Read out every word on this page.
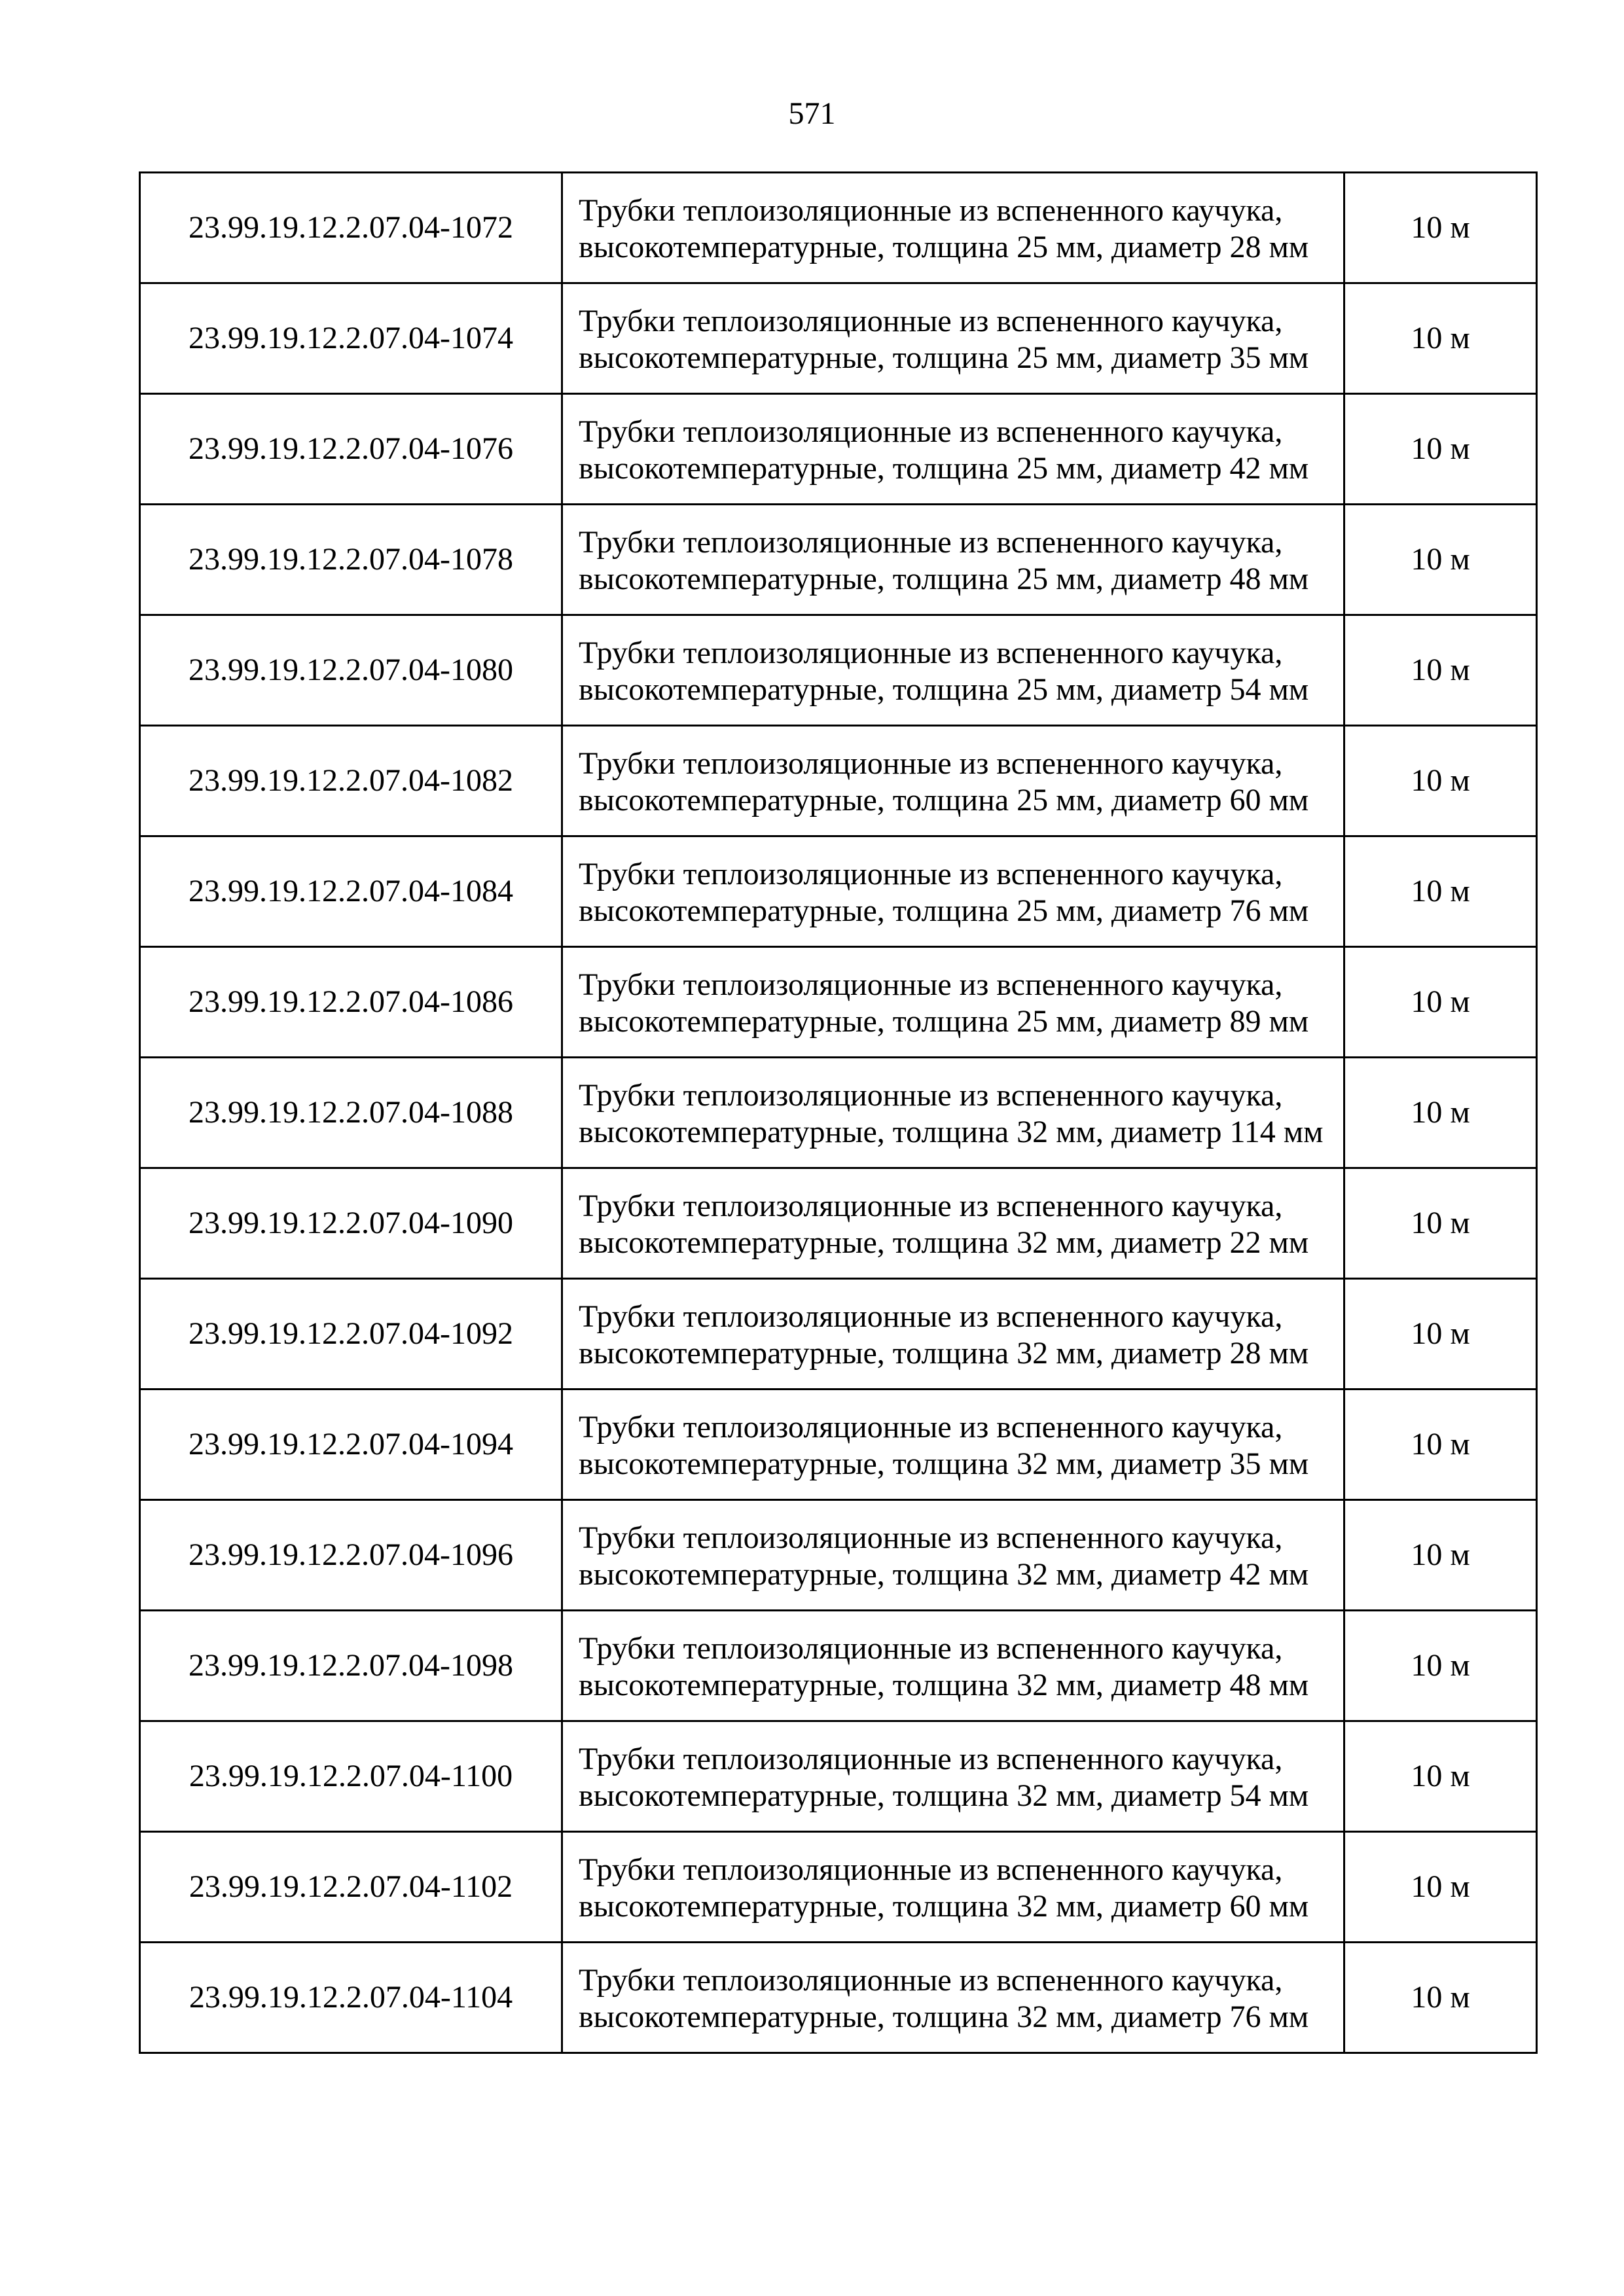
571
23.99.19.12.2.07.04-1072	Трубки теплоизоляционные из вспененного каучука, высокотемпературные, толщина 25 мм, диаметр 28 мм	10 м
23.99.19.12.2.07.04-1074	Трубки теплоизоляционные из вспененного каучука, высокотемпературные, толщина 25 мм, диаметр 35 мм	10 м
23.99.19.12.2.07.04-1076	Трубки теплоизоляционные из вспененного каучука, высокотемпературные, толщина 25 мм, диаметр 42 мм	10 м
23.99.19.12.2.07.04-1078	Трубки теплоизоляционные из вспененного каучука, высокотемпературные, толщина 25 мм, диаметр 48 мм	10 м
23.99.19.12.2.07.04-1080	Трубки теплоизоляционные из вспененного каучука, высокотемпературные, толщина 25 мм, диаметр 54 мм	10 м
23.99.19.12.2.07.04-1082	Трубки теплоизоляционные из вспененного каучука, высокотемпературные, толщина 25 мм, диаметр 60 мм	10 м
23.99.19.12.2.07.04-1084	Трубки теплоизоляционные из вспененного каучука, высокотемпературные, толщина 25 мм, диаметр 76 мм	10 м
23.99.19.12.2.07.04-1086	Трубки теплоизоляционные из вспененного каучука, высокотемпературные, толщина 25 мм, диаметр 89 мм	10 м
23.99.19.12.2.07.04-1088	Трубки теплоизоляционные из вспененного каучука, высокотемпературные, толщина 32 мм, диаметр 114 мм	10 м
23.99.19.12.2.07.04-1090	Трубки теплоизоляционные из вспененного каучука, высокотемпературные, толщина 32 мм, диаметр 22 мм	10 м
23.99.19.12.2.07.04-1092	Трубки теплоизоляционные из вспененного каучука, высокотемпературные, толщина 32 мм, диаметр 28 мм	10 м
23.99.19.12.2.07.04-1094	Трубки теплоизоляционные из вспененного каучука, высокотемпературные, толщина 32 мм, диаметр 35 мм	10 м
23.99.19.12.2.07.04-1096	Трубки теплоизоляционные из вспененного каучука, высокотемпературные, толщина 32 мм, диаметр 42 мм	10 м
23.99.19.12.2.07.04-1098	Трубки теплоизоляционные из вспененного каучука, высокотемпературные, толщина 32 мм, диаметр 48 мм	10 м
23.99.19.12.2.07.04-1100	Трубки теплоизоляционные из вспененного каучука, высокотемпературные, толщина 32 мм, диаметр 54 мм	10 м
23.99.19.12.2.07.04-1102	Трубки теплоизоляционные из вспененного каучука, высокотемпературные, толщина 32 мм, диаметр 60 мм	10 м
23.99.19.12.2.07.04-1104	Трубки теплоизоляционные из вспененного каучука, высокотемпературные, толщина 32 мм, диаметр 76 мм	10 м
